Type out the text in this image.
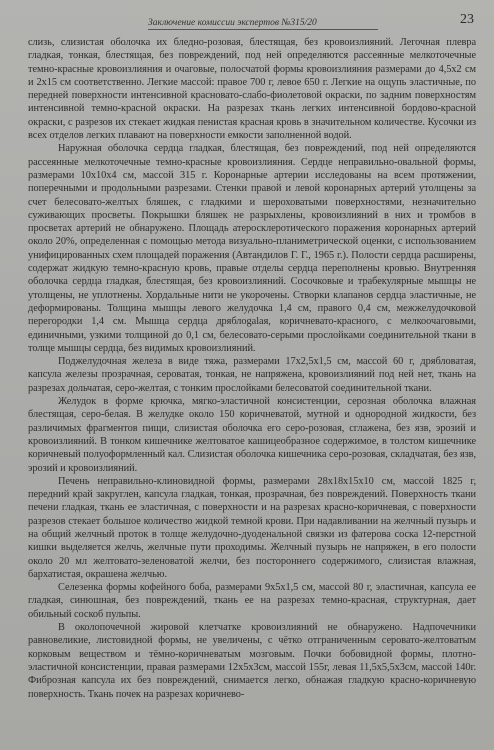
Заключение комиссии экспертов №315/20	23

слизь, слизистая оболочка их бледно-розовая, блестящая, без кровоизлияний. Легочная плевра гладкая, тонкая, блестящая, без повреждений, под ней определяются рассеянные мелкоточечные темно-красные кровоизлияния и очаговые, полосчатой формы кровоизлияния размерами до 4,5х2 см и 2х15 см соответственно. Легкие массой: правое 700 г, левое 650 г. Легкие на ощупь эластичные, по передней поверхности интенсивной красновато-слабо-фиолетовой окраски, по задним поверхностям интенсивной темно-красной окраски. На разрезах ткань легких интенсивной бордово-красной окраски, с разрезов их стекает жидкая пенистая красная кровь в значительном количестве. Кусочки из всех отделов легких плавают на поверхности емкости заполненной водой.

Наружная оболочка сердца гладкая, блестящая, без повреждений, под ней определяются рассеянные мелкоточечные темно-красные кровоизлияния. Сердце неправильно-овальной формы, размерами 10х10х4 см, массой 315 г. Коронарные артерии исследованы на всем протяжении, поперечными и продольными разрезами. Стенки правой и левой коронарных артерий утолщены за счет белесовато-желтых бляшек, с гладкими и шероховатыми поверхностями, незначительно суживающих просветы. Покрышки бляшек не разрыхлены, кровоизлияний в них и тромбов в просветах артерий не обнаружено. Площадь атеросклеротического поражения коронарных артерий около 20%, определенная с помощью метода визуально-планиметрической оценки, с использованием унифицированных схем площадей поражения (Автандилов Г. Г., 1965 г.). Полости сердца расширены, содержат жидкую темно-красную кровь, правые отделы сердца переполнены кровью. Внутренняя оболочка сердца гладкая, блестящая, без кровоизлияний. Сосочковые и трабекулярные мышцы не утолщены, не уплотнены. Хордальные нити не укорочены. Створки клапанов сердца эластичные, не деформированы. Толщина мышцы левого желудочка 1,4 см, правого 0,4 см, межжелудочковой перегородки 1,4 см. Мышца сердца дряблоgalая, коричневато-красного, с мелкоочаговыми, единичными, узкими толщиной до 0,1 см, белесовато-серыми прослойками соединительной ткани в толще мышцы сердца, без видимых кровоизлияний.

Поджелудочная железа в виде тяжа, размерами 17х2,5х1,5 см, массой 60 г, дрябловатая, капсула железы прозрачная, серoватая, тонкая, не напряжена, кровоизлияний под ней нет, ткань на разрезах дольчатая, серо-желтая, с тонким прослойками белесоватой соединительной ткани.

Желудок в форме крючка, мягко-эластичной консистенции, серозная оболочка влажная блестящая, серо-белая. В желудке около 150 коричневатой, мутной и однородной жидкости, без различимых фрагментов пищи, слизистая оболочка его серо-розовая, сглажена, без язв, эрозий и кровоизлияний. В тонком кишечнике желтоватое кашицеобразное содержимое, в толстом кишечнике коричневый полуоформленный кал. Слизистая оболочка кишечника серо-розовая, складчатая, без язв, эрозий и кровоизлияний.

Печень неправильно-клиновидной формы, размерами 28х18х15х10 см, массой 1825 г, передний край закруглен, капсула гладкая, тонкая, прозрачная, без повреждений. Поверхность ткани печени гладкая, ткань ее эластичная, с поверхности и на разрезах красно-коричневая, с поверхности разрезов стекает большое количество жидкой темной крови. При надавливании на желчный пузырь и на общий желчный проток в толще желудочно-дуоденальной связки из фатерова соска 12-перстной кишки выделяется желчь, желчные пути проходимы. Желчный пузырь не напряжен, в его полости около 20 мл желтовато-зеленоватой желчи, без постороннего содержимого, слизистая влажная, бархатистая, окрашена желчью.

Селезенка формы кофейного боба, размерами 9х5х1,5 см, массой 80 г, эластичная, капсула ее гладкая, синюшная, без повреждений, ткань ее на разрезах темно-красная, структурная, дает обильный соскоб пульпы.

В околопочечной жировой клетчатке кровоизлияний не обнаружено. Надпочечники равновеликие, листовидной формы, не увеличены, с чётко отграниченным серовато-желтоватым корковым веществом и тёмно-коричневатым мозговым. Почки бобовидной формы, плотно-эластичной консистенции, правая размерами 12х5х3см, массой 155г, левая 11,5х5,5х3см, массой 140г. Фиброзная капсула их без повреждений, снимается легко, обнажая гладкую красно-коричневую поверхность. Ткань почек на разрезах коричнево-
